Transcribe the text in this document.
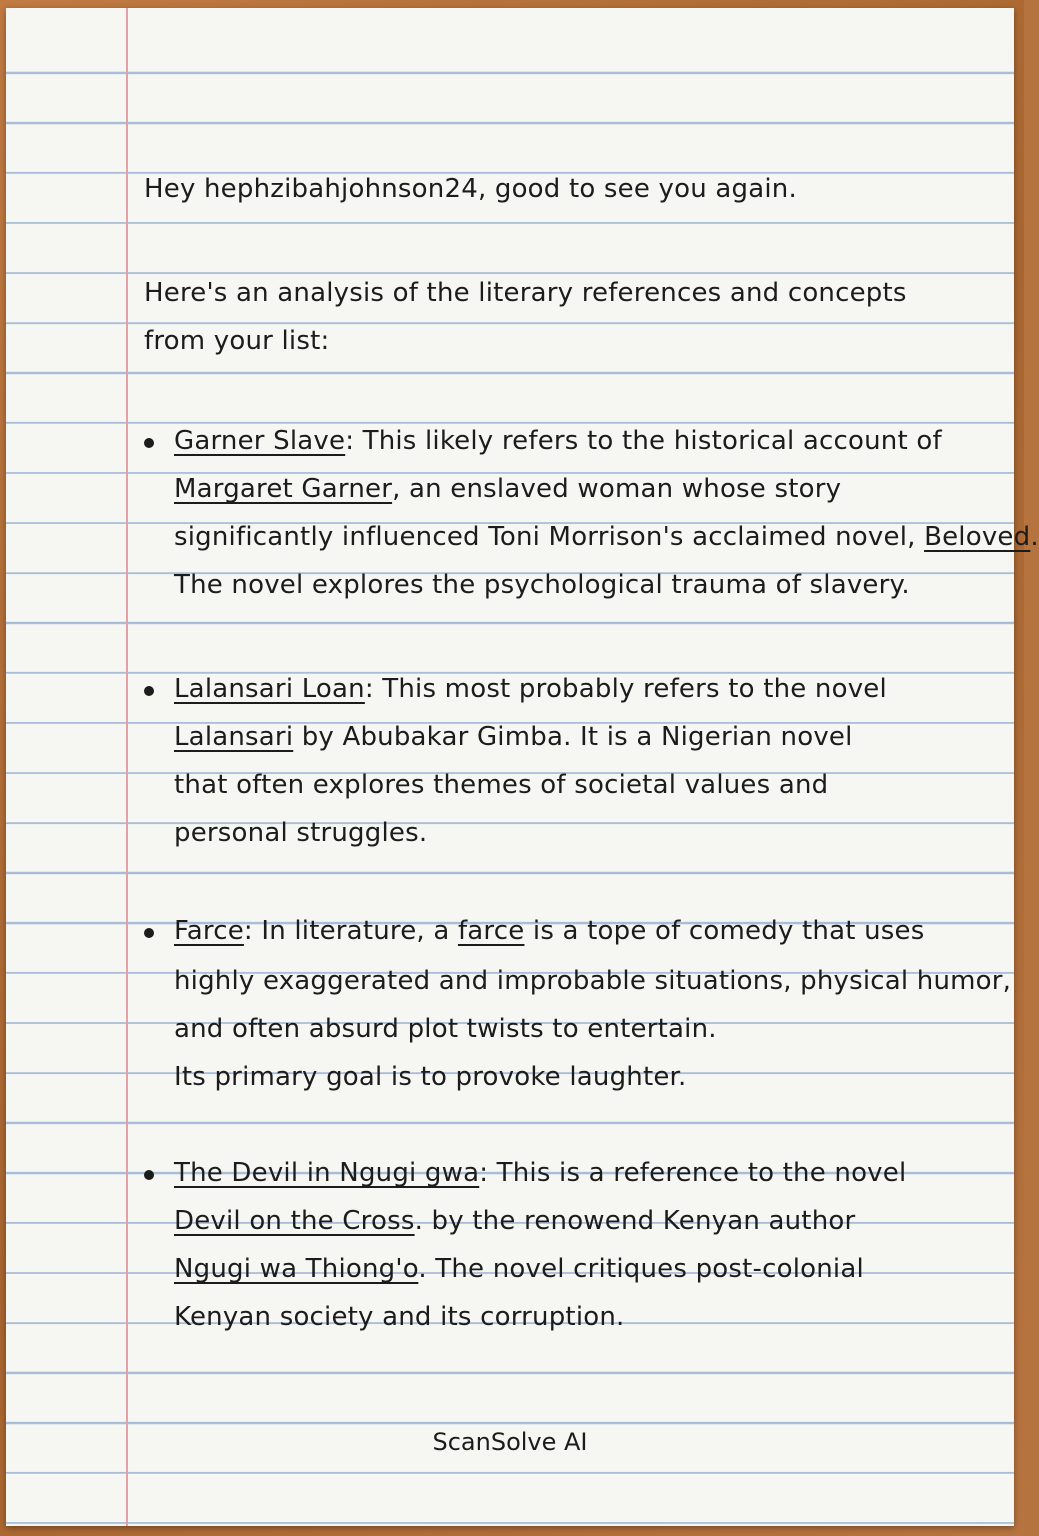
Hey hephzibahjohnson24, good to see you again.
Here's an analysis of the literary references and concepts
from your list:
Garner Slave: This likely refers to the historical account of
Margaret Garner, an enslaved woman whose story
significantly influenced Toni Morrison's acclaimed novel, Beloved.
The novel explores the psychological trauma of slavery.
Lalansari Loan: This most probably refers to the novel
Lalansari by Abubakar Gimba. It is a Nigerian novel
that often explores themes of societal values and
personal struggles.
Farce: In literature, a farce is a tope of comedy that uses
highly exaggerated and improbable situations, physical humor,
and often absurd plot twists to entertain.
Its primary goal is to provoke laughter.
The Devil in Ngugi gwa: This is a reference to the novel
Devil on the Cross. by the renowend Kenyan author
Ngugi wa Thiong'o. The novel critiques post-colonial
Kenyan society and its corruption.
ScanSolve AI
